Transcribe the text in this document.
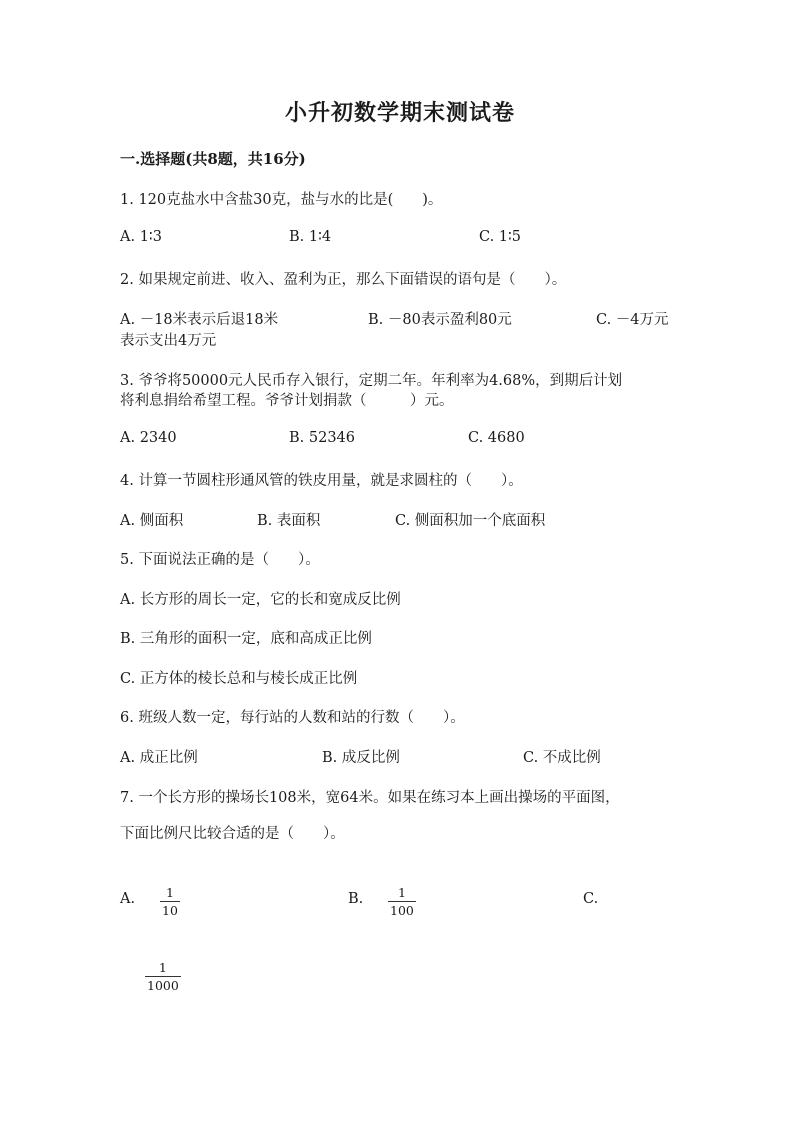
小升初数学期末测试卷
一.选择题(共8题，共16分)
1. 120克盐水中含盐30克，盐与水的比是(　　)。
A. 1∶3	B. 1∶4	C. 1∶5
2. 如果规定前进、收入、盈利为正，那么下面错误的语句是（　　）。
A. －18米表示后退18米	B. －80表示盈利80元	C. －4万元
表示支出4万元
3. 爷爷将50000元人民币存入银行，定期二年。年利率为4.68%，到期后计划
将利息捐给希望工程。爷爷计划捐款（　　　）元。
A. 2340	B. 52346	C. 4680
4. 计算一节圆柱形通风管的铁皮用量，就是求圆柱的（　　）。
A. 侧面积	B. 表面积	C. 侧面积加一个底面积
5. 下面说法正确的是（　　）。
A. 长方形的周长一定，它的长和宽成反比例
B. 三角形的面积一定，底和高成正比例
C. 正方体的棱长总和与棱长成正比例
6. 班级人数一定，每行站的人数和站的行数（　　）。
A. 成正比例	B. 成反比例	C. 不成比例
7. 一个长方形的操场长108米，宽64米。如果在练习本上画出操场的平面图，
下面比例尺比较合适的是（　　）。
A. 1
10
B.	1
100
C.
1
1000
